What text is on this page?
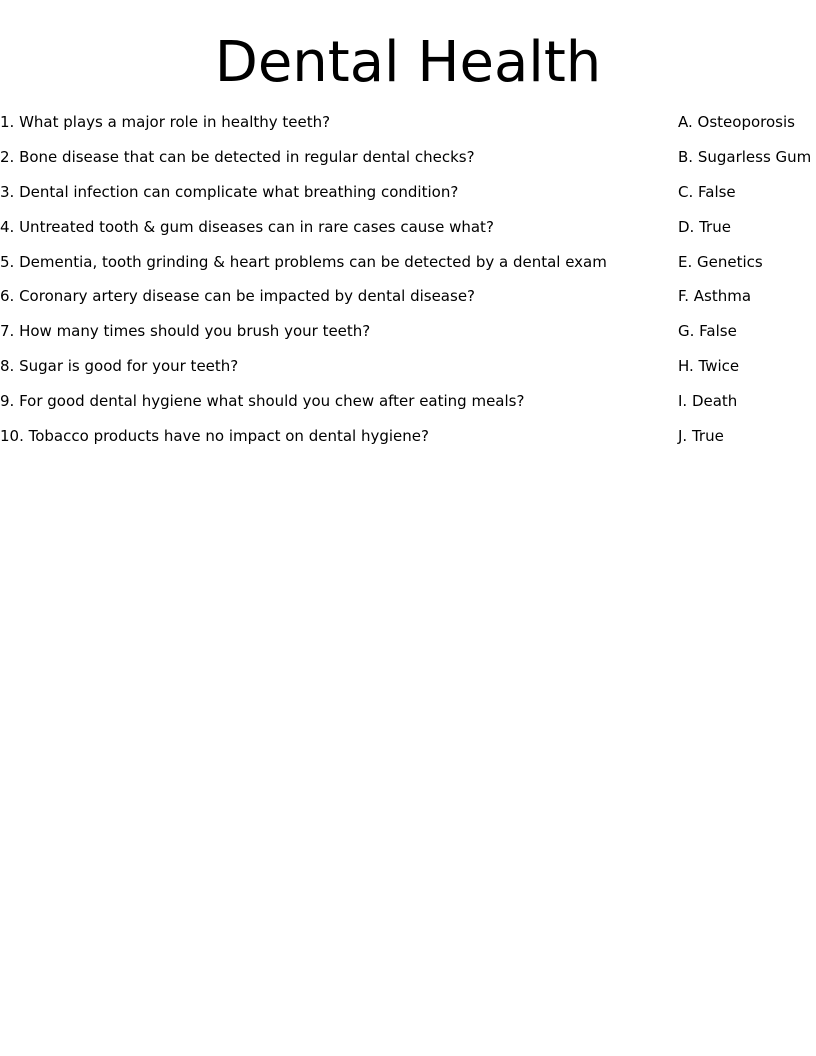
Dental Health
1. What plays a major role in healthy teeth?
2. Bone disease that can be detected in regular dental checks?
3. Dental infection can complicate what breathing condition?
4. Untreated tooth & gum diseases can in rare cases cause what?
5. Dementia, tooth grinding & heart problems can be detected by a dental exam
6. Coronary artery disease can be impacted by dental disease?
7. How many times should you brush your teeth?
8. Sugar is good for your teeth?
9. For good dental hygiene what should you chew after eating meals?
10. Tobacco products have no impact on dental hygiene?
A. Osteoporosis
B. Sugarless Gum
C. False
D. True
E. Genetics
F. Asthma
G. False
H. Twice
I. Death
J. True
